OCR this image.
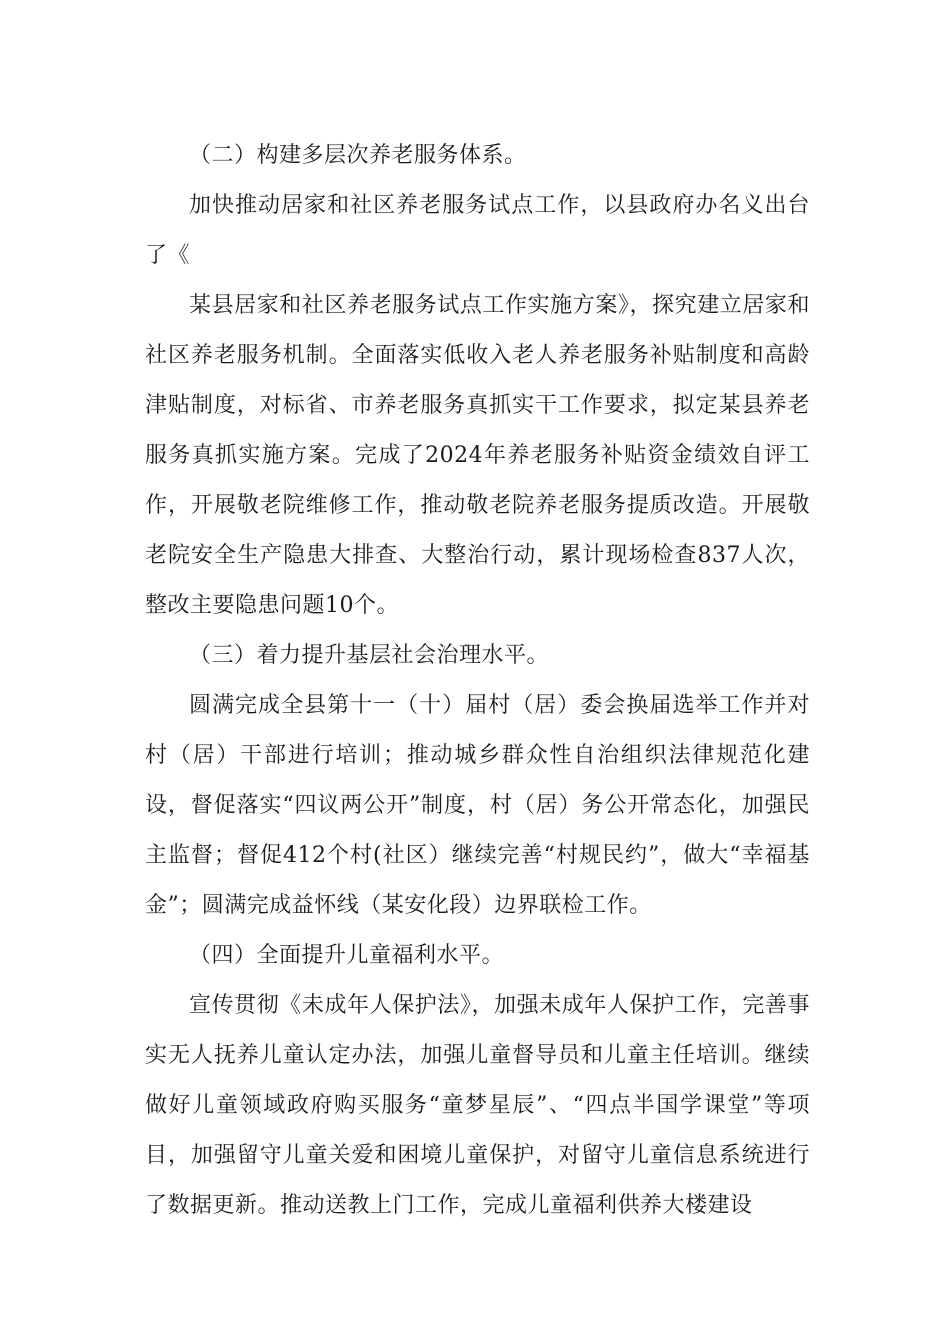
（二）构建多层次养老服务体系。

加快推动居家和社区养老服务试点工作，以县政府办名义出台了《

某县居家和社区养老服务试点工作实施方案》，探究建立居家和社区养老服务机制。全面落实低收入老人养老服务补贴制度和高龄津贴制度，对标省、市养老服务真抓实干工作要求，拟定某县养老服务真抓实施方案。完成了2024年养老服务补贴资金绩效自评工作，开展敬老院维修工作，推动敬老院养老服务提质改造。开展敬老院安全生产隐患大排查、大整治行动，累计现场检查837人次，整改主要隐患问题10个。

（三）着力提升基层社会治理水平。

圆满完成全县第十一（十）届村（居）委会换届选举工作并对村（居）干部进行培训；推动城乡群众性自治组织法律规范化建设，督促落实“四议两公开”制度，村（居）务公开常态化，加强民主监督；督促412个村(社区）继续完善“村规民约”，做大“幸福基金”；圆满完成益怀线（某安化段）边界联检工作。

（四）全面提升儿童福利水平。

宣传贯彻《未成年人保护法》，加强未成年人保护工作，完善事实无人抚养儿童认定办法，加强儿童督导员和儿童主任培训。继续做好儿童领域政府购买服务“童梦星辰”、“四点半国学课堂”等项目，加强留守儿童关爱和困境儿童保护，对留守儿童信息系统进行了数据更新。推动送教上门工作，完成儿童福利供养大楼建设
